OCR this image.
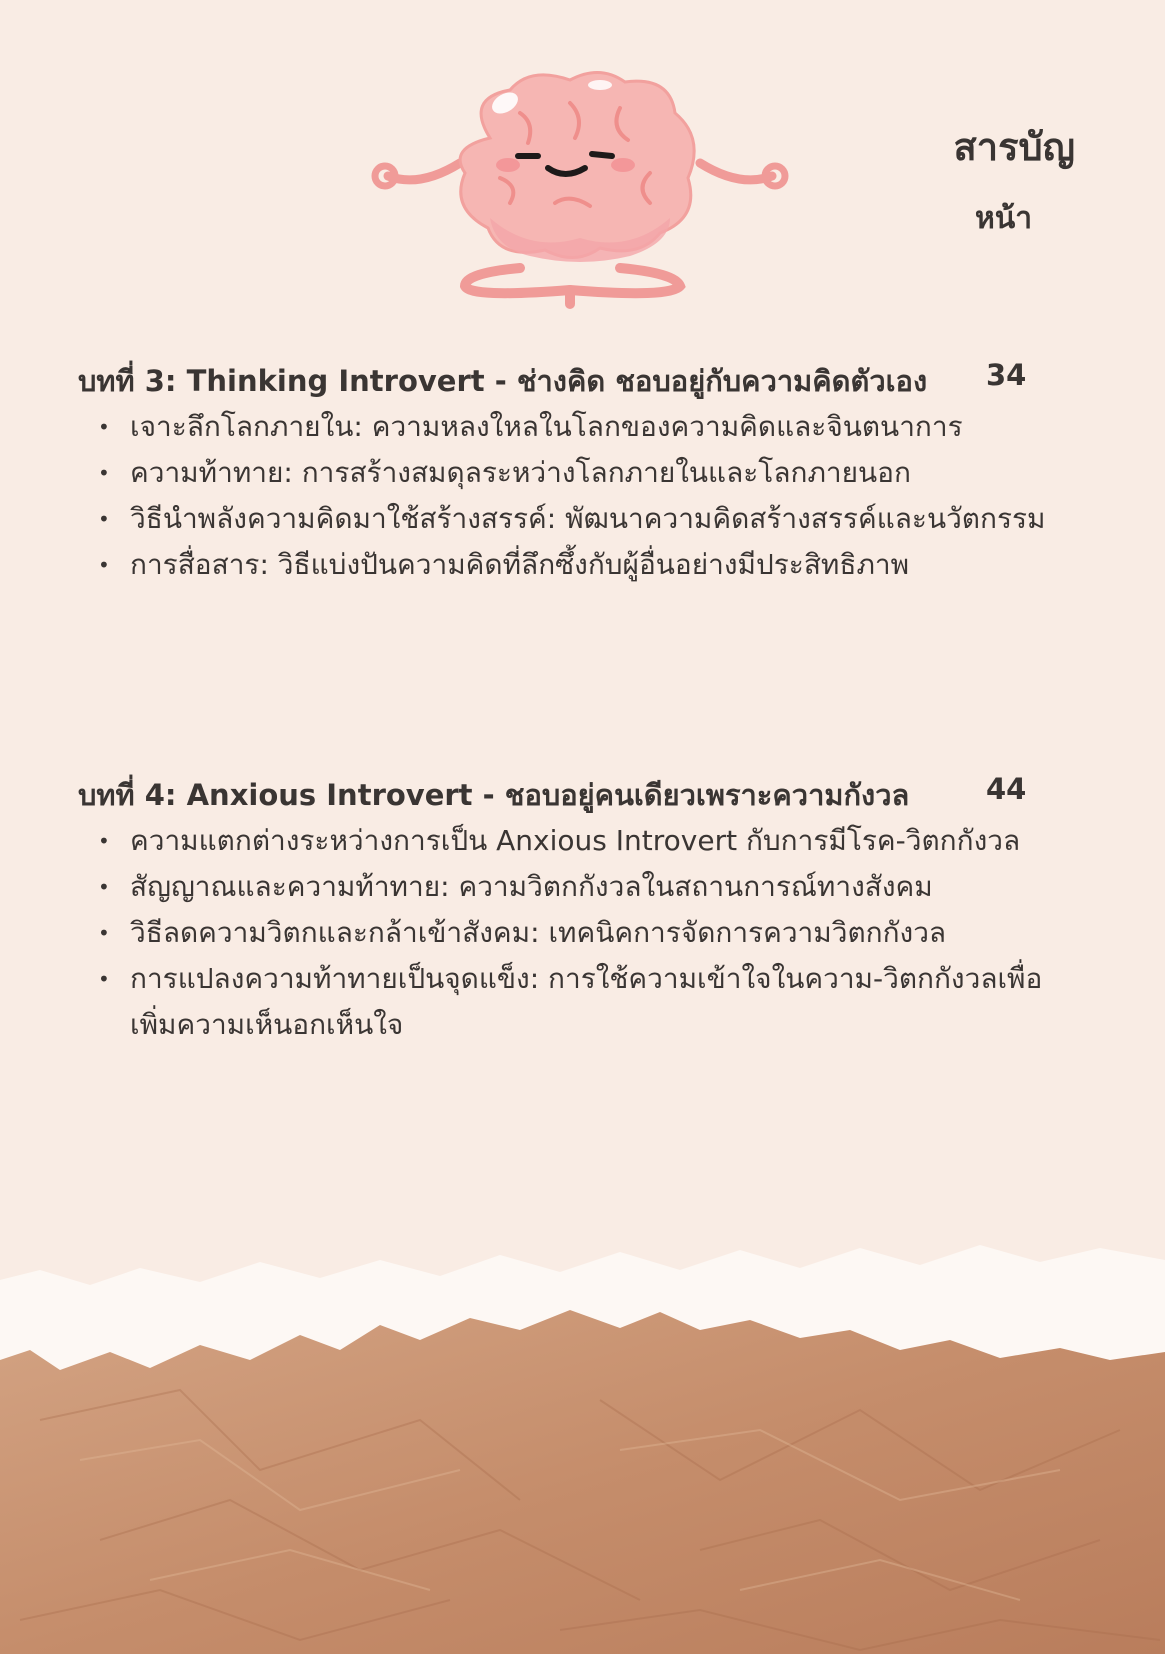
สารบัญ
หน้า
บทที่ 3: Thinking Introvert - ช่างคิด ชอบอยู่กับความคิดตัวเอง 34
• เจาะลึกโลกภายใน: ความหลงใหลในโลกของความคิดและจินตนาการ
• ความท้าทาย: การสร้างสมดุลระหว่างโลกภายในและโลกภายนอก
• วิธีนำพลังความคิดมาใช้สร้างสรรค์: พัฒนาความคิดสร้างสรรค์และนวัตกรรม
• การสื่อสาร: วิธีแบ่งปันความคิดที่ลึกซึ้งกับผู้อื่นอย่างมีประสิทธิภาพ
บทที่ 4: Anxious Introvert - ชอบอยู่คนเดียวเพราะความกังวล	44
• ความแตกต่างระหว่างการเป็น Anxious Introvert กับการมีโรค-วิตกกังวล
• สัญญาณและความท้าทาย: ความวิตกกังวลในสถานการณ์ทางสังคม
• วิธีลดความวิตกและกล้าเข้าสังคม: เทคนิคการจัดการความวิตกกังวล
• การแปลงความท้าทายเป็นจุดแข็ง: การใช้ความเข้าใจในความ-วิตกกังวลเพื่อเพิ่มความเห็นอกเห็นใจ
